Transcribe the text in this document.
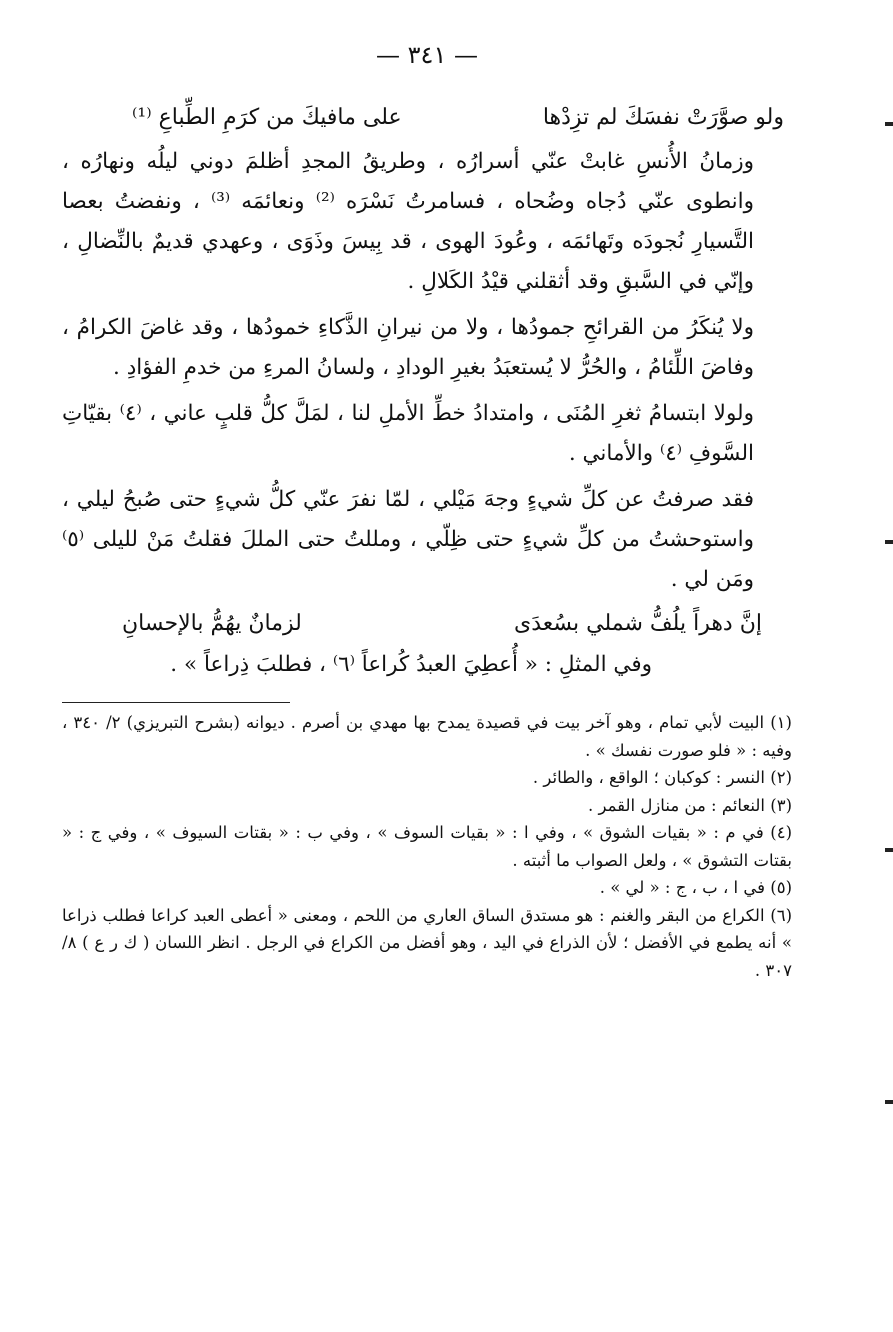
— ٣٤١ —
ولو صوَّرَتْ نفسَكَ لم تزِدْها
على مافيكَ من كرَمِ الطِّباعِ ⁽¹⁾

وزمانُ الأُنسِ غابتْ عنّي أسرارُه ، وطريقُ المجدِ أظلمَ دوني ليلُه ونهارُه ، وانطوى عنّي دُجاه وضُحاه ، فسامرتُ نَسْرَه ⁽²⁾ ونعائمَه ⁽³⁾ ، ونفضتُ بعصا التَّسيارِ نُجودَه وتَهائمَه ، وعُودَ الهوى ، قد بِيسَ وذَوَى ، وعهدي قديمٌ بالنِّضالِ ، وإنّي في السَّبقِ وقد أثقلني قيْدُ الكَلالِ .

ولا يُنكَرُ من القرائحِ جمودُها ، ولا من نيرانِ الذَّكاءِ خمودُها ، وقد غاضَ الكرامُ ، وفاضَ اللِّئامُ ، والحُرُّ لا يُستعبَدُ بغيرِ الودادِ ، ولسانُ المرءِ من خدمِ الفؤادِ .

ولولا ابتسامُ ثغرِ المُنَى ، وامتدادُ خطِّ الأملِ لنا ، لمَلَّ كلُّ قلبٍ عاني ، ⁽٤⁾ بقيّاتِ السَّوفِ ⁽٤⁾ والأماني .

فقد صرفتُ عن كلِّ شيءٍ وجهَ مَيْلي ، لمّا نفرَ عنّي كلُّ شيءٍ حتى صُبحُ ليلي ، واستوحشتُ من كلِّ شيءٍ حتى ظِلّي ، ومللتُ حتى المللَ فقلتُ مَنْ لليلى ⁽٥⁾ ومَن لي .

إنَّ دهراً يلُفُّ شملي بسُعدَى
لزمانٌ يهُمُّ بالإحسانِ
وفي المثلِ : « أُعطِيَ العبدُ كُراعاً ⁽٦⁾ ، فطلبَ ذِراعاً » .
(١) البيت لأبي تمام ، وهو آخر بيت في قصيدة يمدح بها مهدي بن أصرم . ديوانه (بشرح التبريزي) ٢/ ٣٤٠ ، وفيه : « فلو صورت نفسك » .
(٢) النسر : كوكبان ؛ الواقع ، والطائر .
(٣) النعائم : من منازل القمر .
(٤) في م : « بقيات الشوق » ، وفي ا : « بقيات السوف » ، وفي ب : « بقتات السيوف » ، وفي ج : « بقتات التشوق » ، ولعل الصواب ما أثبته .
(٥) في ا ، ب ، ج : « لي » .
(٦) الكراع من البقر والغنم : هو مستدق الساق العاري من اللحم ، ومعنى « أعطى العبد كراعا فطلب ذراعا » أنه يطمع في الأفضل ؛ لأن الذراع في اليد ، وهو أفضل من الكراع في الرجل . انظر اللسان ( ك ر ع ) ٨/ ٣٠٧ .
